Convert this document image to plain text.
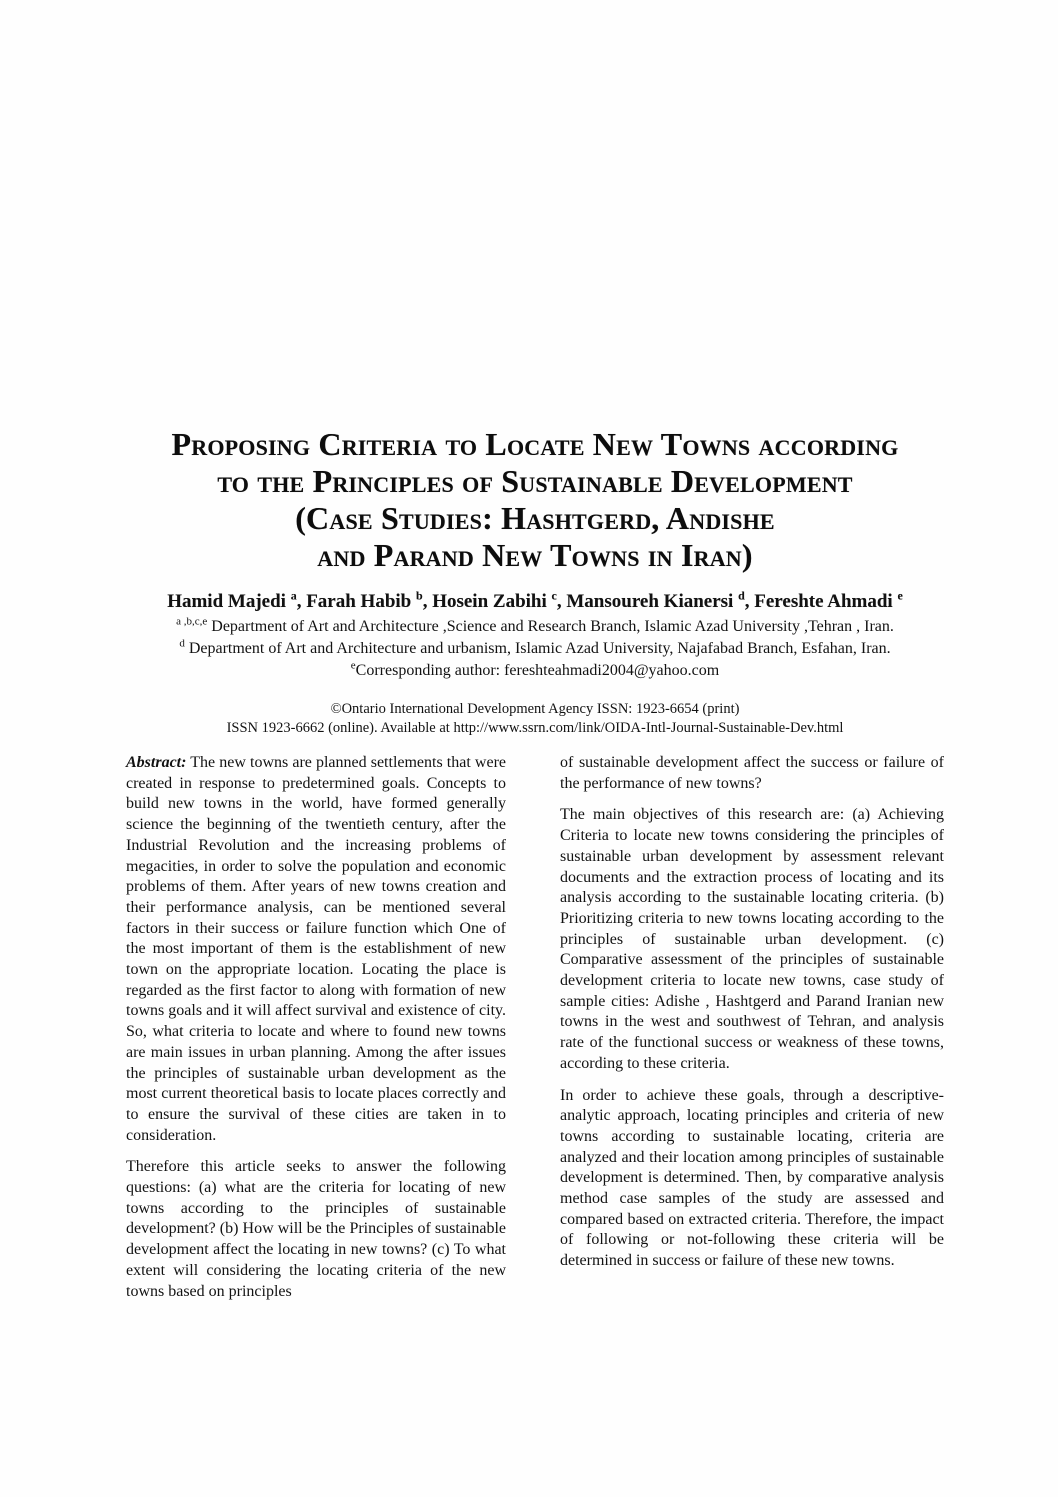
Proposing Criteria to Locate New Towns according
to the Principles of Sustainable Development
(Case Studies: Hashtgerd, Andishe
and Parand New Towns in Iran)
Hamid Majedi $^a$, Farah Habib $^b$, Hosein Zabihi $^c$, Mansoureh Kianersi $^d$, Fereshte Ahmadi $^e$
$^{a ,b,c,e}$ Department of Art and Architecture ,Science and Research Branch, Islamic Azad University ,Tehran , Iran.
$^d$ Department of Art and Architecture and urbanism, Islamic Azad University, Najafabad Branch, Esfahan, Iran.
$^e$Corresponding author: fereshteahmadi2004@yahoo.com
©Ontario International Development Agency ISSN: 1923-6654 (print)
ISSN 1923-6662 (online). Available at http://www.ssrn.com/link/OIDA-Intl-Journal-Sustainable-Dev.html

Abstract: The new towns are planned settlements that were created in response to predetermined goals. Concepts to build new towns in the world, have formed generally science the beginning of the twentieth century, after the Industrial Revolution and the increasing problems of megacities, in order to solve the population and economic problems of them. After years of new towns creation and their performance analysis, can be mentioned several factors in their success or failure function which One of the most important of them is the establishment of new town on the appropriate location. Locating the place is regarded as the first factor to along with formation of new towns goals and it will affect survival and existence of city. So, what criteria to locate and where to found new towns are main issues in urban planning. Among the after issues the principles of sustainable urban development as the most current theoretical basis to locate places correctly and to ensure the survival of these cities are taken in to consideration.

Therefore this article seeks to answer the following questions: (a) what are the criteria for locating of new towns according to the principles of sustainable development? (b) How will be the Principles of sustainable development affect the locating in new towns? (c) To what extent will considering the locating criteria of the new towns based on principles

of sustainable development affect the success or failure of the performance of new towns?

The main objectives of this research are: (a) Achieving Criteria to locate new towns considering the principles of sustainable urban development by assessment relevant documents and the extraction process of locating and its analysis according to the sustainable locating criteria. (b) Prioritizing criteria to new towns locating according to the principles of sustainable urban development. (c) Comparative assessment of the principles of sustainable development criteria to locate new towns, case study of sample cities: Adishe , Hashtgerd and Parand Iranian new towns in the west and southwest of Tehran, and analysis rate of the functional success or weakness of these towns, according to these criteria.

In order to achieve these goals, through a descriptive-analytic approach, locating principles and criteria of new towns according to sustainable locating, criteria are analyzed and their location among principles of sustainable development is determined. Then, by comparative analysis method case samples of the study are assessed and compared based on extracted criteria. Therefore, the impact of following or not-following these criteria will be determined in success or failure of these new towns.
